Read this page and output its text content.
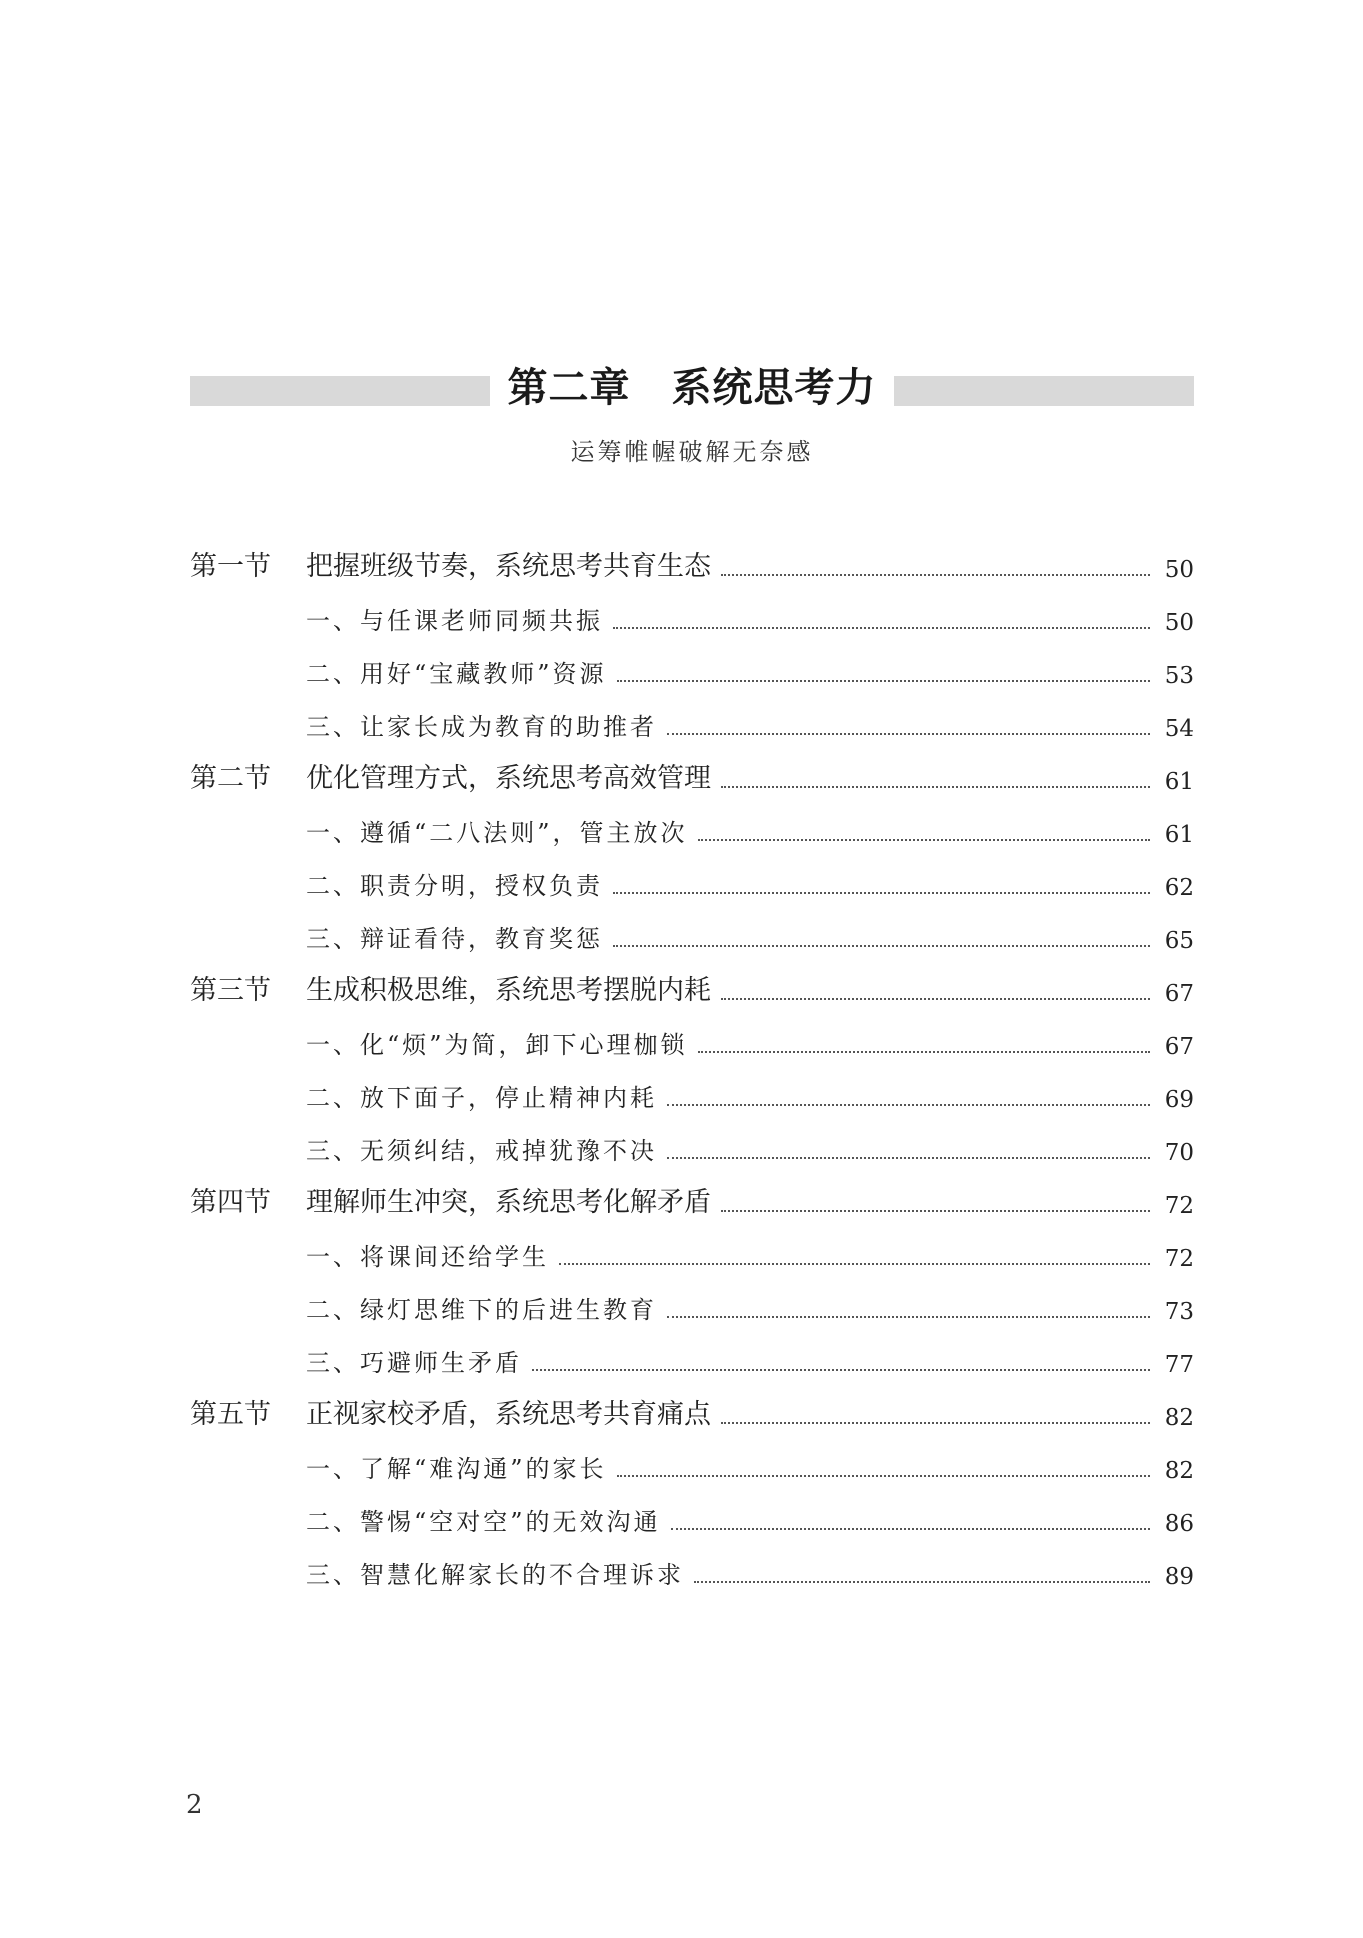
第二章　系统思考力
运筹帷幄破解无奈感
第一节	把握班级节奏，系统思考共育生态	50
一、与任课老师同频共振	50
二、用好“宝藏教师”资源	53
三、让家长成为教育的助推者	54
第二节	优化管理方式，系统思考高效管理	61
一、遵循“二八法则”，管主放次	61
二、职责分明，授权负责	62
三、辩证看待，教育奖惩	65
第三节	生成积极思维，系统思考摆脱内耗	67
一、化“烦”为简，卸下心理枷锁	67
二、放下面子，停止精神内耗	69
三、无须纠结，戒掉犹豫不决	70
第四节	理解师生冲突，系统思考化解矛盾	72
一、将课间还给学生	72
二、绿灯思维下的后进生教育	73
三、巧避师生矛盾	77
第五节	正视家校矛盾，系统思考共育痛点	82
一、了解“难沟通”的家长	82
二、警惕“空对空”的无效沟通	86
三、智慧化解家长的不合理诉求	89
2
